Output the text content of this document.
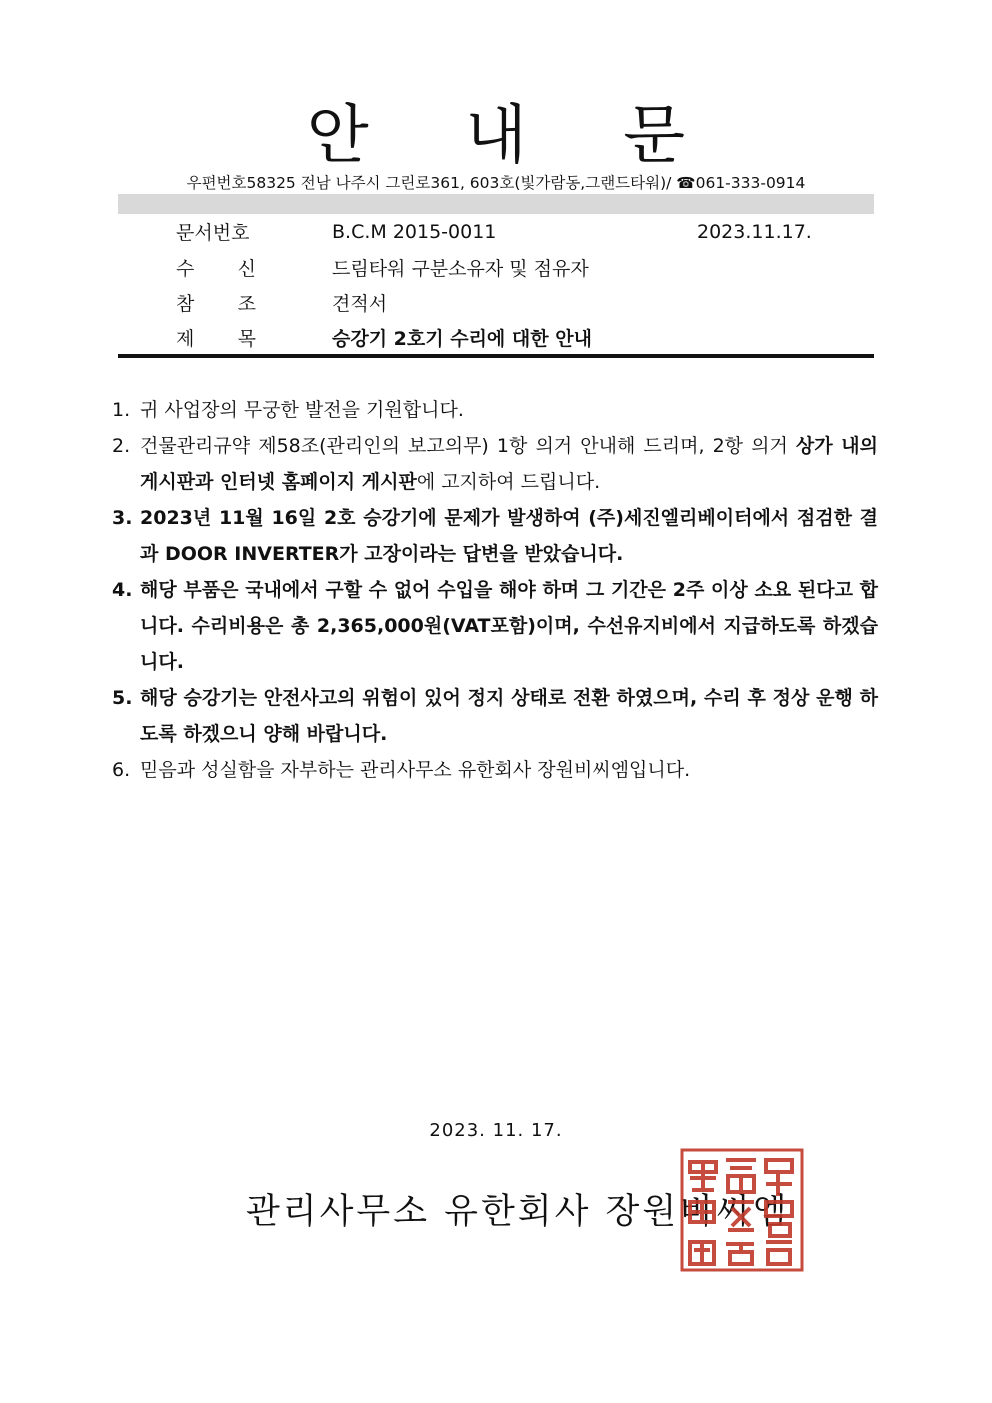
안 내 문
우편번호58325 전남 나주시 그린로361, 603호(빛가람동,그랜드타워)/ ☎061-333-0914
문서번호	B.C.M 2015-0011	2023.11.17.
수 신	드림타워 구분소유자 및 점유자
참 조	견적서
제 목	승강기 2호기 수리에 대한 안내
1. 귀 사업장의 무궁한 발전을 기원합니다.
2. 건물관리규약 제58조(관리인의 보고의무) 1항 의거 안내해 드리며, 2항 의거 상가 내의 게시판과 인터넷 홈페이지 게시판에 고지하여 드립니다.
3. 2023년 11월 16일 2호 승강기에 문제가 발생하여 (주)세진엘리베이터에서 점검한 결과 DOOR INVERTER가 고장이라는 답변을 받았습니다.
4. 해당 부품은 국내에서 구할 수 없어 수입을 해야 하며 그 기간은 2주 이상 소요 된다고 합니다. 수리비용은 총 2,365,000원(VAT포함)이며, 수선유지비에서 지급하도록 하겠습니다.
5. 해당 승강기는 안전사고의 위험이 있어 정지 상태로 전환 하였으며, 수리 후 정상 운행 하도록 하겠으니 양해 바랍니다.
6. 믿음과 성실함을 자부하는 관리사무소 유한회사 장원비씨엠입니다.
2023. 11. 17.
관리사무소 유한회사 장원비씨엠
